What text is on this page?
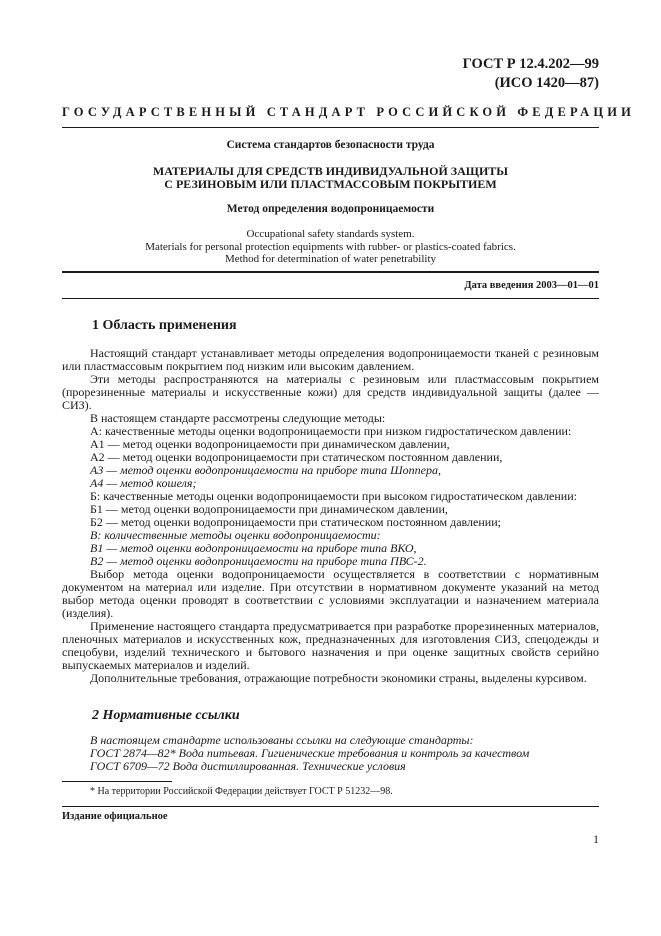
ГОСТ Р 12.4.202—99
(ИСО 1420—87)
ГОСУДАРСТВЕННЫЙ СТАНДАРТ РОССИЙСКОЙ ФЕДЕРАЦИИ
Система стандартов безопасности труда
МАТЕРИАЛЫ ДЛЯ СРЕДСТВ ИНДИВИДУАЛЬНОЙ ЗАЩИТЫ
С РЕЗИНОВЫМ ИЛИ ПЛАСТМАССОВЫМ ПОКРЫТИЕМ
Метод определения водопроницаемости
Occupational safety standards system.
Materials for personal protection equipments with rubber- or plastics-coated fabrics.
Method for determination of water penetrability
Дата введения 2003—01—01
1 Область применения

Настоящий стандарт устанавливает методы определения водопроницаемости тканей с резиновым или пластмассовым покрытием под низким или высоким давлением.

Эти методы распространяются на материалы с резиновым или пластмассовым покрытием (прорезиненные материалы и искусственные кожи) для средств индивидуальной защиты (далее — СИЗ).

В настоящем стандарте рассмотрены следующие методы:

А: качественные методы оценки водопроницаемости при низком гидростатическом давлении:

А1 — метод оценки водопроницаемости при динамическом давлении,

А2 — метод оценки водопроницаемости при статическом постоянном давлении,

А3 — метод оценки водопроницаемости на приборе типа Шоппера,

А4 — метод кошеля;

Б: качественные методы оценки водопроницаемости при высоком гидростатическом давлении:

Б1 — метод оценки водопроницаемости при динамическом давлении,

Б2 — метод оценки водопроницаемости при статическом постоянном давлении;

В: количественные методы оценки водопроницаемости:

В1 — метод оценки водопроницаемости на приборе типа ВКО,

В2 — метод оценки водопроницаемости на приборе типа ПВС-2.

Выбор метода оценки водопроницаемости осуществляется в соответствии с нормативным документом на материал или изделие. При отсутствии в нормативном документе указаний на метод выбор метода оценки проводят в соответствии с условиями эксплуатации и назначением материала (изделия).

Применение настоящего стандарта предусматривается при разработке прорезиненных материалов, пленочных материалов и искусственных кож, предназначенных для изготовления СИЗ, спецодежды и спецобуви, изделий технического и бытового назначения и при оценке защитных свойств серийно выпускаемых материалов и изделий.

Дополнительные требования, отражающие потребности экономики страны, выделены курсивом.

2 Нормативные ссылки

В настоящем стандарте использованы ссылки на следующие стандарты:

ГОСТ 2874—82* Вода питьевая. Гигиенические требования и контроль за качеством

ГОСТ 6709—72 Вода дистиллированная. Технические условия

* На территории Российской Федерации действует ГОСТ Р 51232—98.
Издание официальное
1
